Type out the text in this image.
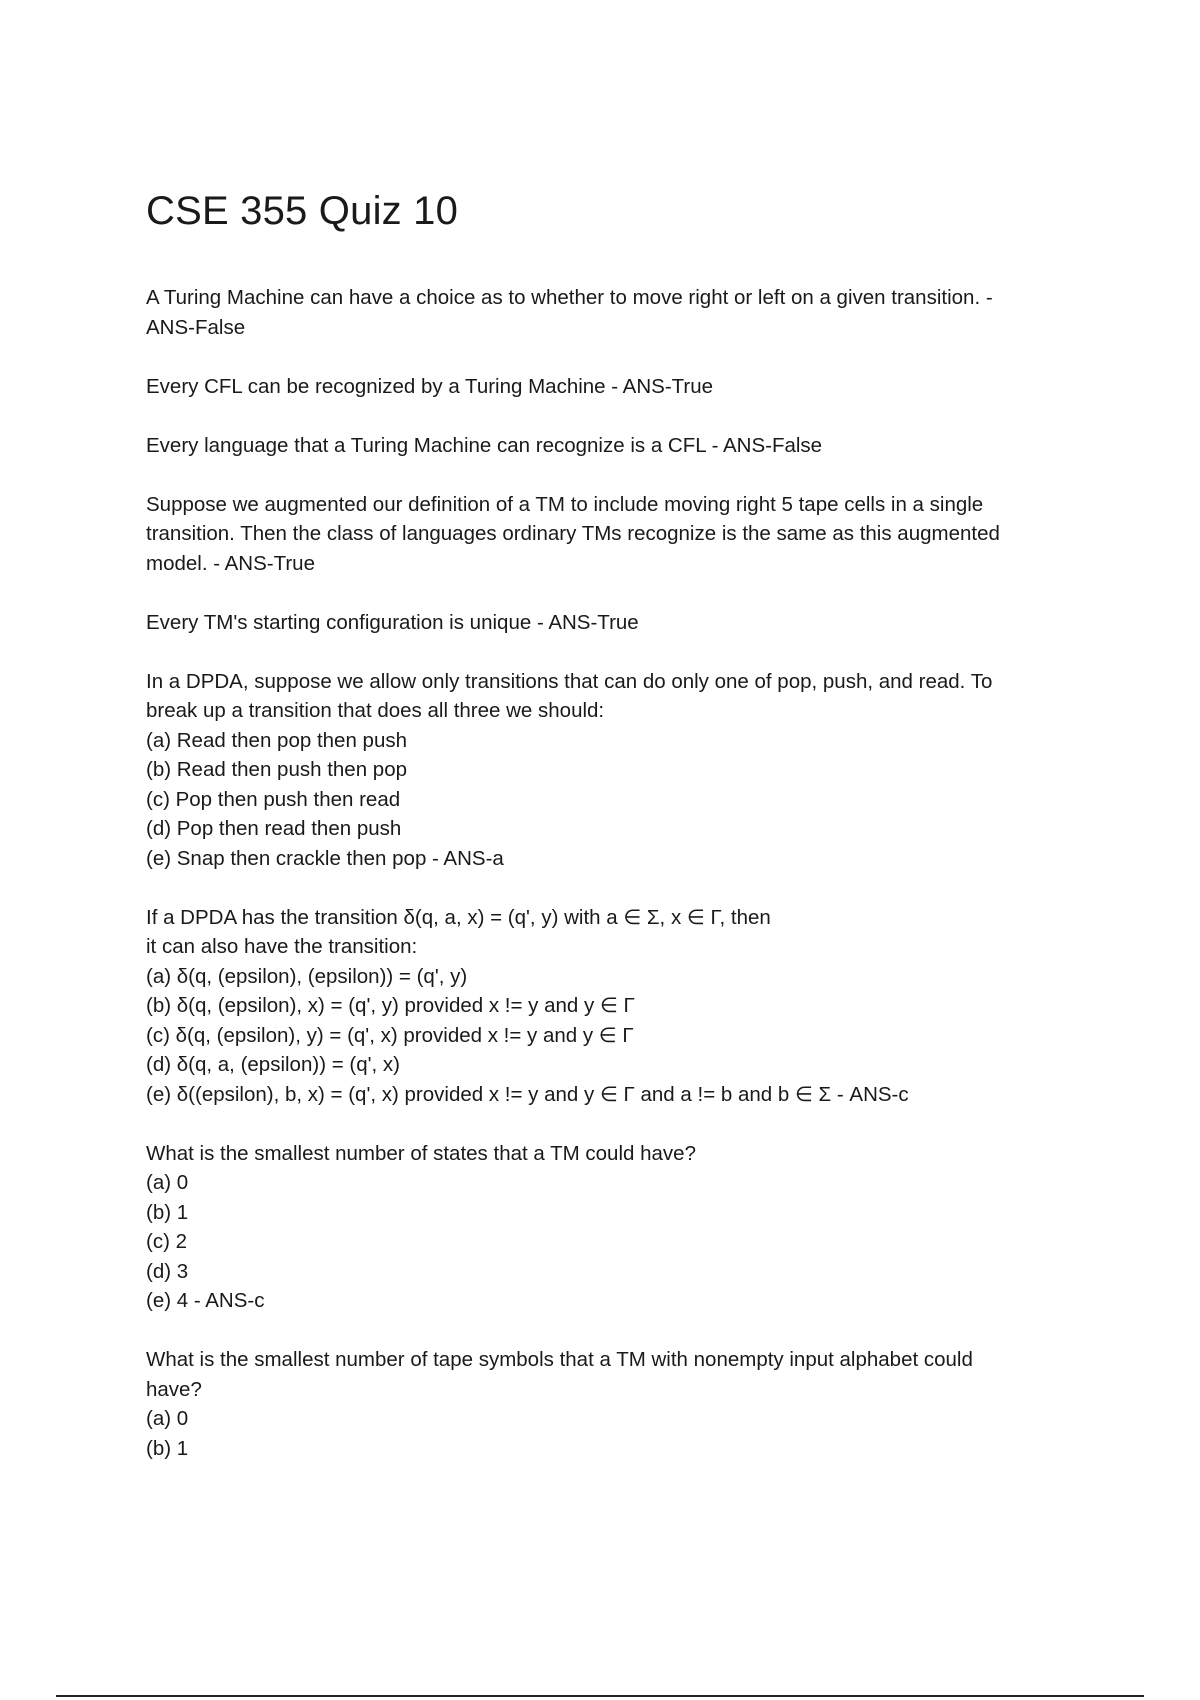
CSE 355 Quiz 10
A Turing Machine can have a choice as to whether to move right or left on a given transition. -
ANS-False
Every CFL can be recognized by a Turing Machine - ANS-True
Every language that a Turing Machine can recognize is a CFL - ANS-False
Suppose we augmented our definition of a TM to include moving right 5 tape cells in a single
transition. Then the class of languages ordinary TMs recognize is the same as this augmented
model. - ANS-True
Every TM's starting configuration is unique - ANS-True
In a DPDA, suppose we allow only transitions that can do only one of pop, push, and read. To
break up a transition that does all three we should:
(a) Read then pop then push
(b) Read then push then pop
(c) Pop then push then read
(d) Pop then read then push
(e) Snap then crackle then pop - ANS-a
If a DPDA has the transition δ(q, a, x) = (q', y) with a ∈ Σ, x ∈ Γ, then
it can also have the transition:
(a) δ(q, (epsilon), (epsilon)) = (q', y)
(b) δ(q, (epsilon), x) = (q', y) provided x != y and y ∈ Γ
(c) δ(q, (epsilon), y) = (q', x) provided x != y and y ∈ Γ
(d) δ(q, a, (epsilon)) = (q', x)
(e) δ((epsilon), b, x) = (q', x) provided x != y and y ∈ Γ and a != b and b ∈ Σ - ANS-c
What is the smallest number of states that a TM could have?
(a) 0
(b) 1
(c) 2
(d) 3
(e) 4 - ANS-c
What is the smallest number of tape symbols that a TM with nonempty input alphabet could
have?
(a) 0
(b) 1
